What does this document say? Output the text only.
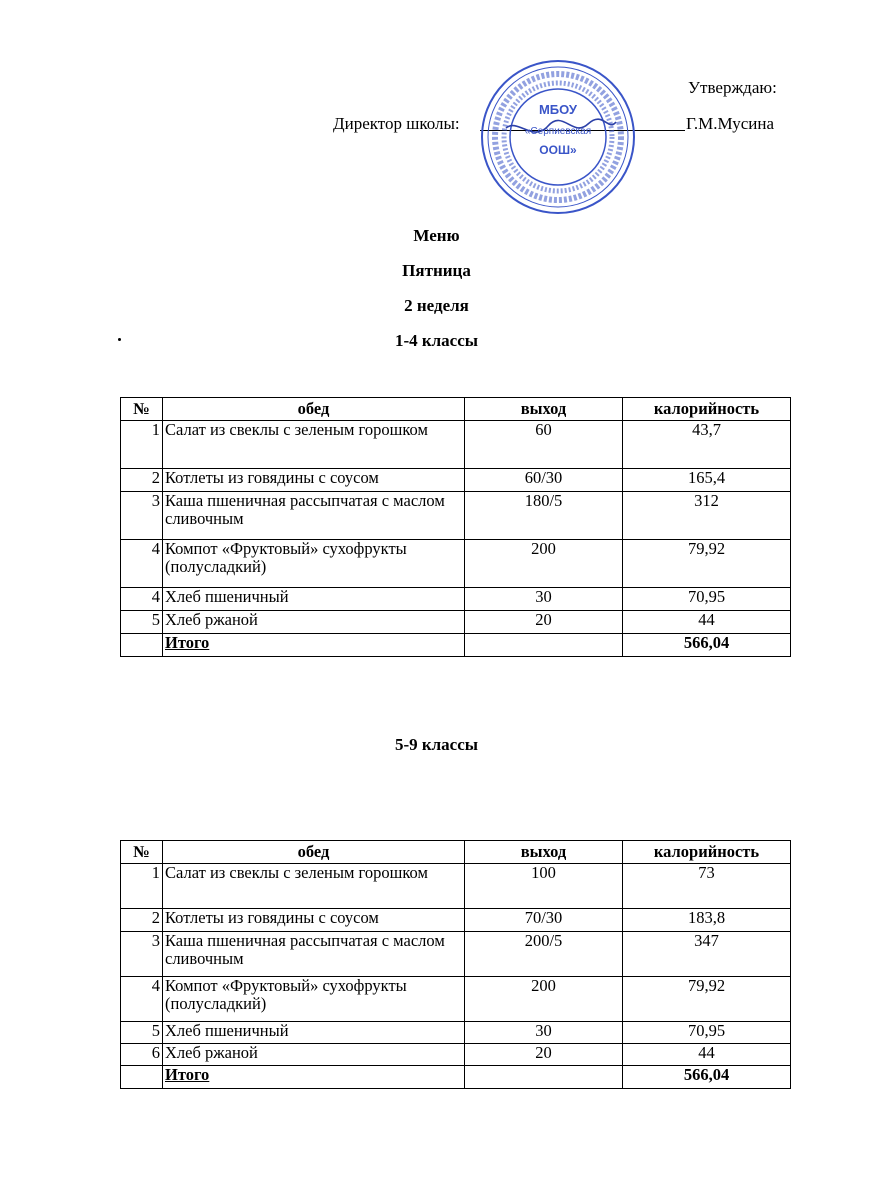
Утверждаю:
Директор школы:	Г.М.Мусина
МБОУ
«Серпиевская
ООШ»
Меню
Пятница
2 неделя
1-4 классы
№	обед	выход	калорийность
1	Салат из свеклы с зеленым горошком	60	43,7
2	Котлеты из говядины с соусом	60/30	165,4
3	Каша пшеничная рассыпчатая с маслом сливочным	180/5	312
4	Компот «Фруктовый» сухофрукты (полусладкий)	200	79,92
4	Хлеб пшеничный	30	70,95
5	Хлеб ржаной	20	44
	Итого		566,04
5-9 классы
№	обед	выход	калорийность
1	Салат из свеклы с зеленым горошком	100	73
2	Котлеты из говядины с соусом	70/30	183,8
3	Каша пшеничная рассыпчатая с маслом сливочным	200/5	347
4	Компот «Фруктовый» сухофрукты (полусладкий)	200	79,92
5	Хлеб пшеничный	30	70,95
6	Хлеб ржаной	20	44
	Итого		566,04
